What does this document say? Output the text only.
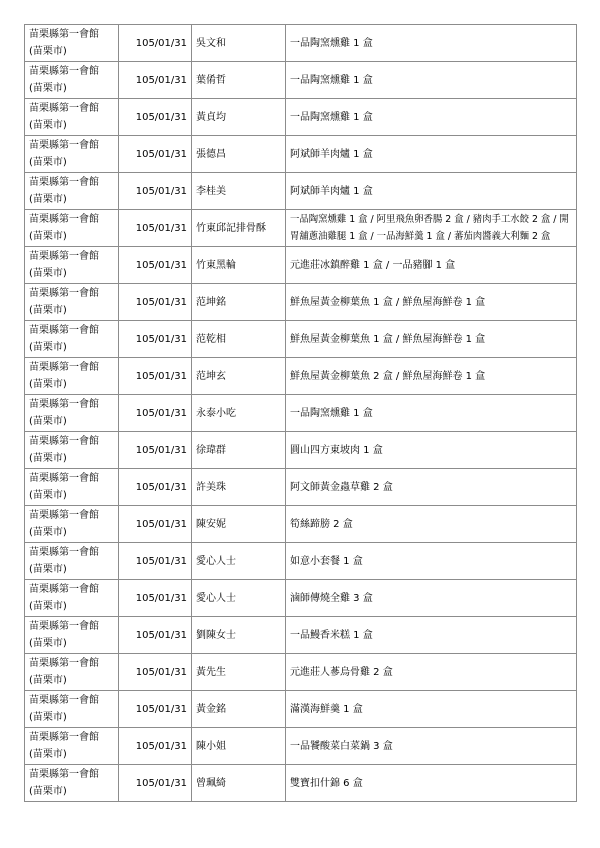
苗栗縣第一會館
(苗栗市)	105/01/31	吳文和	一品陶窯燻雞 1 盒

苗栗縣第一會館
(苗栗市)	105/01/31	葉倄哲	一品陶窯燻雞 1 盒

苗栗縣第一會館
(苗栗市)	105/01/31	黃貞均	一品陶窯燻雞 1 盒

苗栗縣第一會館
(苗栗市)	105/01/31	張德昌	阿斌師羊肉爐 1 盒

苗栗縣第一會館
(苗栗市)	105/01/31	李桂美	阿斌師羊肉爐 1 盒

苗栗縣第一會館
(苗栗市)	105/01/31	竹東邱記排骨酥	一品陶窯燻雞 1 盒 / 阿里飛魚卵香腸 2 盒 / 豬肉手工水餃 2 盒 / 開胃舖蔥油雞腿 1 盒 / 一品海鮮羹 1 盒 / 蕃茄肉醬義大利麵 2 盒

苗栗縣第一會館
(苗栗市)	105/01/31	竹東黑輪	元進莊冰鎮醉雞 1 盒 / 一品豬腳 1 盒

苗栗縣第一會館
(苗栗市)	105/01/31	范坤銘	鮮魚屋黃金柳葉魚 1 盒 / 鮮魚屋海鮮卷 1 盒

苗栗縣第一會館
(苗栗市)	105/01/31	范乾相	鮮魚屋黃金柳葉魚 1 盒 / 鮮魚屋海鮮卷 1 盒

苗栗縣第一會館
(苗栗市)	105/01/31	范坤玄	鮮魚屋黃金柳葉魚 2 盒 / 鮮魚屋海鮮卷 1 盒

苗栗縣第一會館
(苗栗市)	105/01/31	永泰小吃	一品陶窯燻雞 1 盒

苗栗縣第一會館
(苗栗市)	105/01/31	徐瑋群	圓山四方東坡肉 1 盒

苗栗縣第一會館
(苗栗市)	105/01/31	許美珠	阿文師黃金蟲草雞 2 盒

苗栗縣第一會館
(苗栗市)	105/01/31	陳安妮	筍絲蹄膀 2 盒

苗栗縣第一會館
(苗栗市)	105/01/31	愛心人士	如意小套餐 1 盒

苗栗縣第一會館
(苗栗市)	105/01/31	愛心人士	滷師傳燒全雞 3 盒

苗栗縣第一會館
(苗栗市)	105/01/31	劉陳女士	一品鰻香米糕 1 盒

苗栗縣第一會館
(苗栗市)	105/01/31	黃先生	元進莊人蔘烏骨雞 2 盒

苗栗縣第一會館
(苗栗市)	105/01/31	黃金銘	滿漢海鮮羹 1 盒

苗栗縣第一會館
(苗栗市)	105/01/31	陳小姐	一品饕酸菜白菜鍋 3 盒

苗栗縣第一會館
(苗栗市)	105/01/31	曾珮綺	雙寶扣什錦 6 盒
